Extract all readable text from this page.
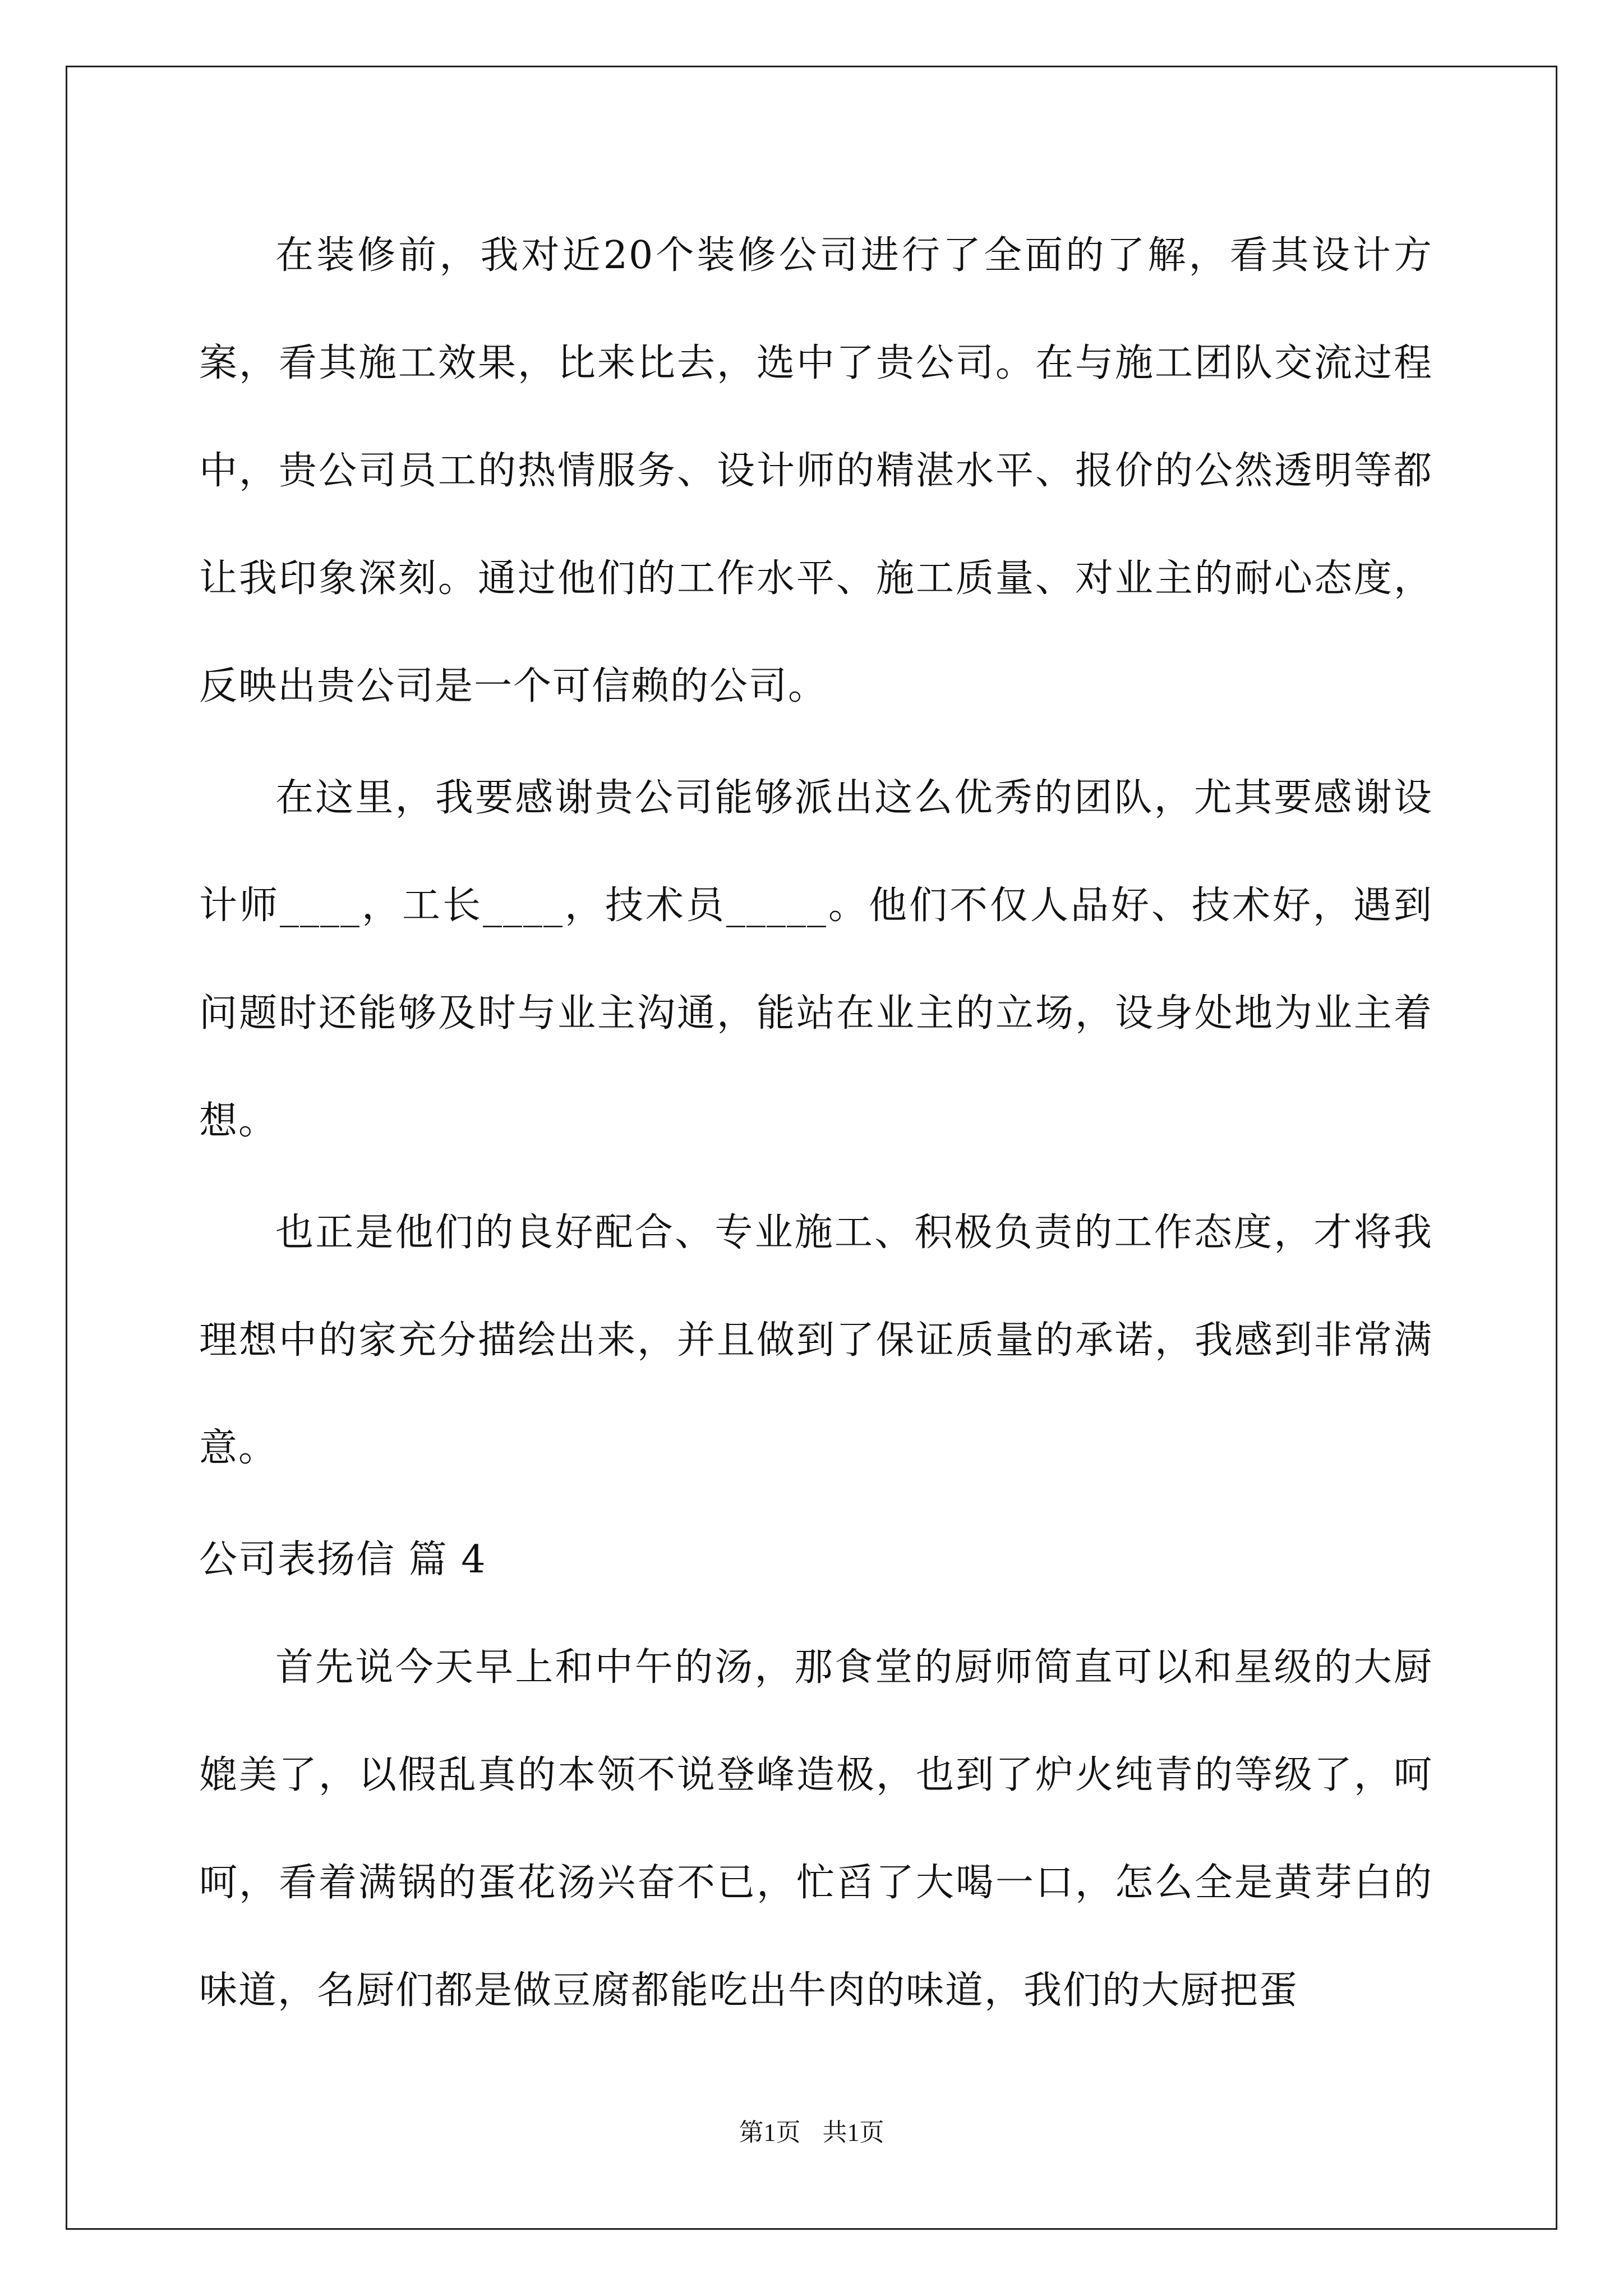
在装修前，我对近20个装修公司进行了全面的了解，看其设计方案，看其施工效果，比来比去，选中了贵公司。在与施工团队交流过程中，贵公司员工的热情服务、设计师的精湛水平、报价的公然透明等都让我印象深刻。通过他们的工作水平、施工质量、对业主的耐心态度，反映出贵公司是一个可信赖的公司。

在这里，我要感谢贵公司能够派出这么优秀的团队，尤其要感谢设计师____，工长____，技术员_____。他们不仅人品好、技术好，遇到问题时还能够及时与业主沟通，能站在业主的立场，设身处地为业主着想。

也正是他们的良好配合、专业施工、积极负责的工作态度，才将我理想中的家充分描绘出来，并且做到了保证质量的承诺，我感到非常满意。

公司表扬信 篇 4

首先说今天早上和中午的汤，那食堂的厨师简直可以和星级的大厨媲美了，以假乱真的本领不说登峰造极，也到了炉火纯青的等级了，呵呵，看着满锅的蛋花汤兴奋不已，忙舀了大喝一口，怎么全是黄芽白的味道，名厨们都是做豆腐都能吃出牛肉的味道，我们的大厨把蛋

第1页 共1页
